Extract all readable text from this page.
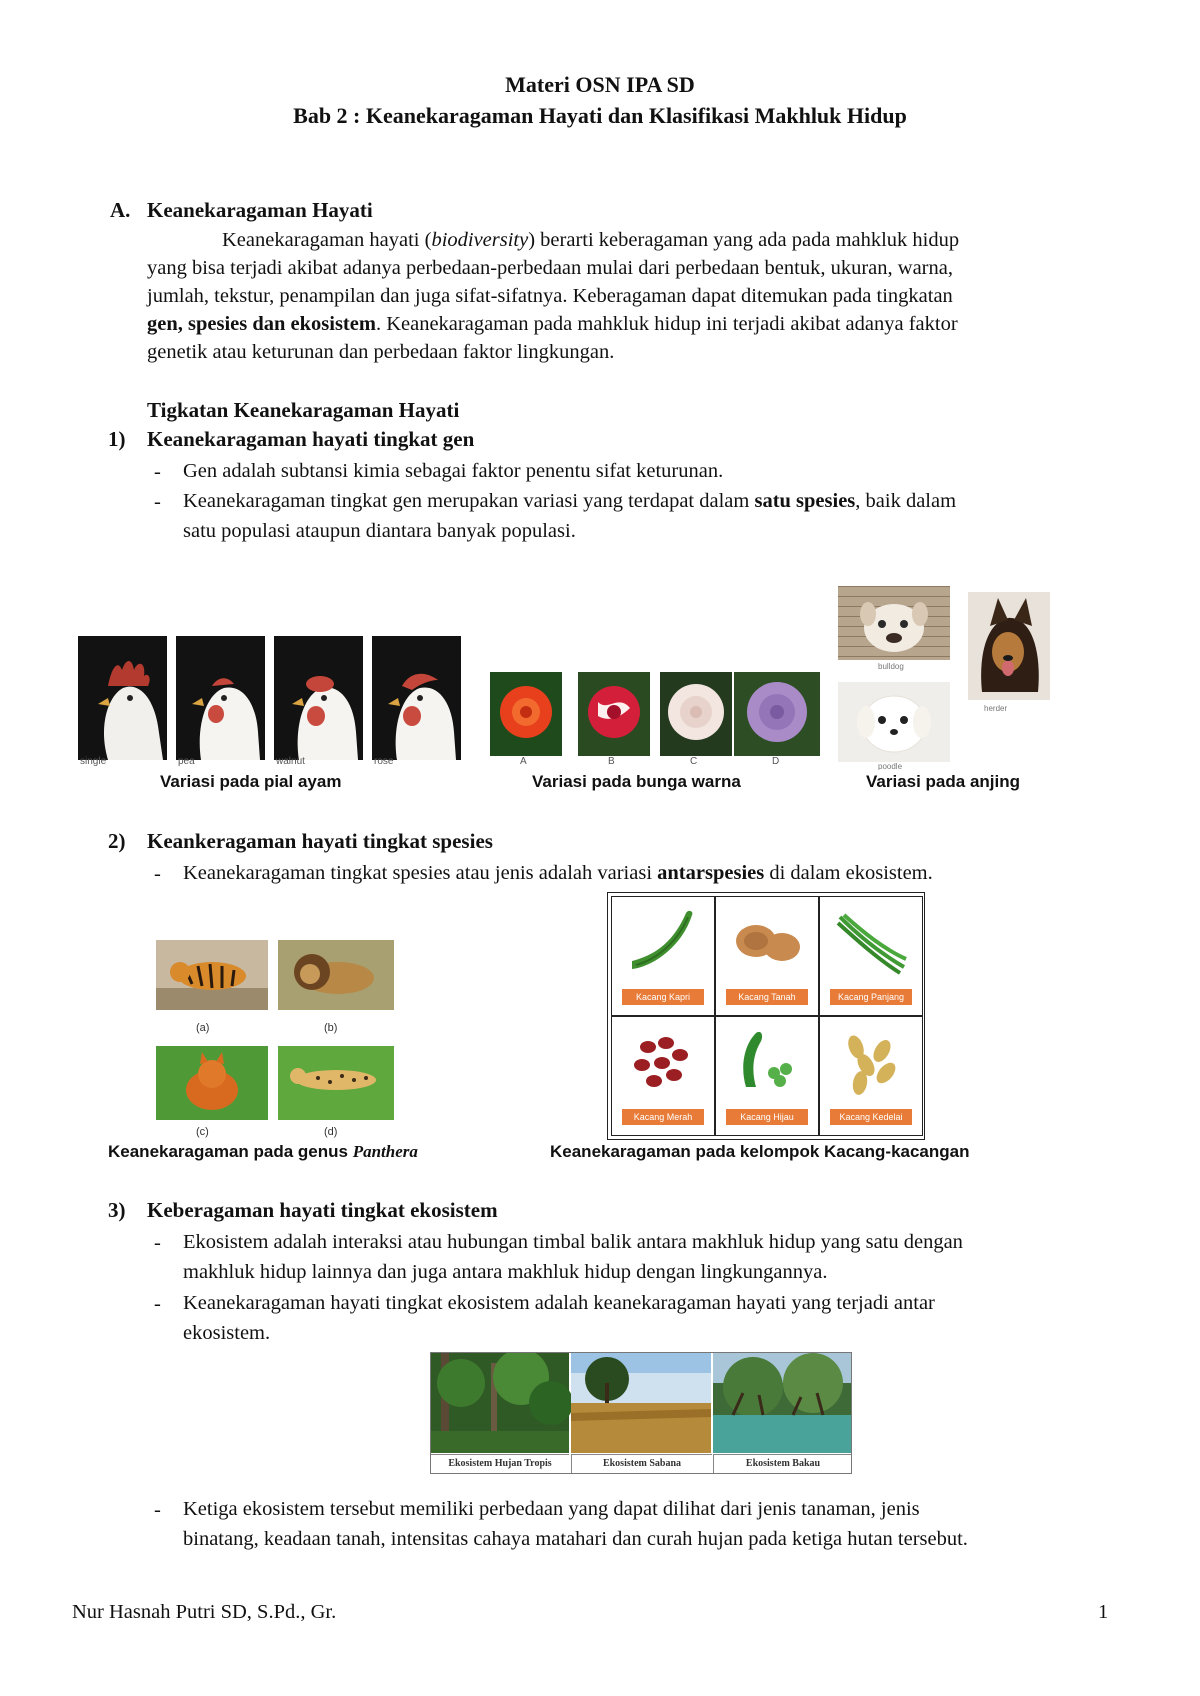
Materi OSN IPA SD
Bab 2 : Keanekaragaman Hayati dan Klasifikasi Makhluk Hidup
A. Keanekaragaman Hayati
Keanekaragaman hayati (biodiversity) berarti keberagaman yang ada pada mahkluk hidup
yang bisa terjadi akibat adanya perbedaan-perbedaan mulai dari perbedaan bentuk, ukuran, warna,
jumlah, tekstur, penampilan dan juga sifat-sifatnya. Keberagaman dapat ditemukan pada tingkatan
gen, spesies dan ekosistem. Keanekaragaman pada mahkluk hidup ini terjadi akibat adanya faktor
genetik atau keturunan dan perbedaan faktor lingkungan.
Tigkatan Keanekaragaman Hayati
1) Keanekaragaman hayati tingkat gen
- Gen adalah subtansi kimia sebagai faktor penentu sifat keturunan.
- Keanekaragaman tingkat gen merupakan variasi yang terdapat dalam satu spesies, baik dalam
satu populasi ataupun diantara banyak populasi.
single	pea	walnut	rose	A	B	C	D
bulldog
poodle
herder
Variasi pada pial ayam	Variasi pada bunga warna	Variasi pada anjing
2) Keankeragaman hayati tingkat spesies
- Keanekaragaman tingkat spesies atau jenis adalah variasi antarspesies di dalam ekosistem.
(a)	(b)
(c)	(d)
Kacang Kapri	Kacang Tanah	Kacang Panjang
Kacang Merah	Kacang Hijau	Kacang Kedelai
Keanekaragaman pada genus Panthera	Keanekaragaman pada kelompok Kacang-kacangan
3) Keberagaman hayati tingkat ekosistem
- Ekosistem adalah interaksi atau hubungan timbal balik antara makhluk hidup yang satu dengan
makhluk hidup lainnya dan juga antara makhluk hidup dengan lingkungannya.
- Keanekaragaman hayati tingkat ekosistem adalah keanekaragaman hayati yang terjadi antar
ekosistem.
Ekosistem Hujan Tropis	Ekosistem Sabana	Ekosistem Bakau
- Ketiga ekosistem tersebut memiliki perbedaan yang dapat dilihat dari jenis tanaman, jenis
binatang, keadaan tanah, intensitas cahaya matahari dan curah hujan pada ketiga hutan tersebut.
Nur Hasnah Putri SD, S.Pd., Gr.	1
